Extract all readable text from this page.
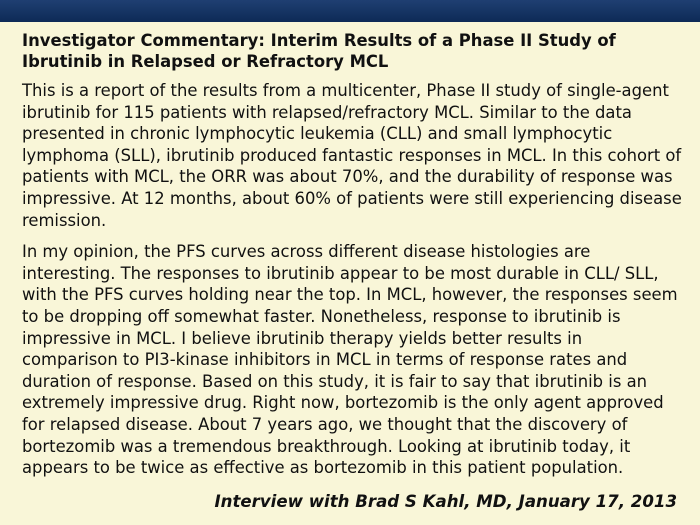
Investigator Commentary: Interim Results of a Phase II Study of Ibrutinib in Relapsed or Refractory MCL
This is a report of the results from a multicenter, Phase II study of single-agent ibrutinib for 115 patients with relapsed/refractory MCL. Similar to the data presented in chronic lymphocytic leukemia (CLL) and small lymphocytic lymphoma (SLL), ibrutinib produced fantastic responses in MCL. In this cohort of patients with MCL, the ORR was about 70%, and the durability of response was impressive. At 12 months, about 60% of patients were still experiencing disease remission.
In my opinion, the PFS curves across different disease histologies are interesting. The responses to ibrutinib appear to be most durable in CLL/ SLL, with the PFS curves holding near the top. In MCL, however, the responses seem to be dropping off somewhat faster. Nonetheless, response to ibrutinib is impressive in MCL. I believe ibrutinib therapy yields better results in comparison to PI3-kinase inhibitors in MCL in terms of response rates and duration of response. Based on this study, it is fair to say that ibrutinib is an extremely impressive drug. Right now, bortezomib is the only agent approved for relapsed disease. About 7 years ago, we thought that the discovery of bortezomib was a tremendous breakthrough. Looking at ibrutinib today, it appears to be twice as effective as bortezomib in this patient population.
Interview with Brad S Kahl, MD, January 17, 2013
